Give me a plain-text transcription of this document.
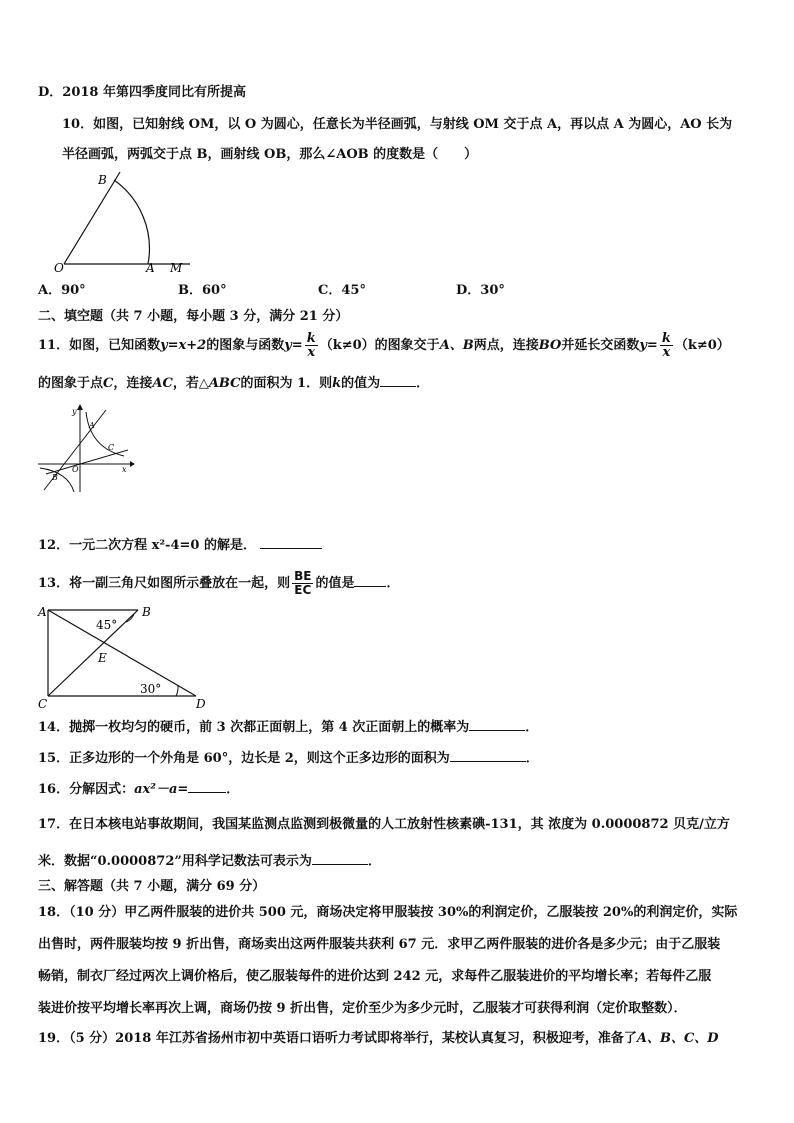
D．2018 年第四季度同比有所提高
10．如图，已知射线 OM，以 O 为圆心，任意长为半径画弧，与射线 OM 交于点 A，再以点 A 为圆心，AO 长为
半径画弧，两弧交于点 B，画射线 OB，那么∠AOB 的度数是（　　）
B
O	A M
A．90°	B．60°	C．45°	D．30°
二、填空题（共 7 小题，每小题 3 分，满分 21 分）
11．如图，已知函数y=x+2的图象与函数$y= \frac{k}{x} (k\ne 0)$的图象交于A、B两点，连接BO并延长交函数$y= \frac{k}{x} (k\ne 0)$
的图象于点C，连接AC，若△ABC的面积为 1．则k的值为	．
y
A
C
O
B
x
12．一元二次方程 x²-4=0 的解是．
13．将一副三角尺如图所示叠放在一起，则 $\frac{BE}{EC}$ 的值是 ．
A	B
E
C	D
45°
30°
14．抛掷一枚均匀的硬币，前 3 次都正面朝上，第 4 次正面朝上的概率为	．
15．正多边形的一个外角是 60°，边长是 2，则这个正多边形的面积为	．
16．分解因式：ax²－a=	．
17．在日本核电站事故期间，我国某监测点监测到极微量的人工放射性核素碘-131，其 浓度为 0.0000872 贝克/立方
米．数据“0.0000872”用科学记数法可表示为	．
三、解答题（共 7 小题，满分 69 分）
18．（10 分）甲乙两件服装的进价共 500 元，商场决定将甲服装按 30%的利润定价，乙服装按 20%的利润定价，实际
出售时，两件服装均按 9 折出售，商场卖出这两件服装共获利 67 元．求甲乙两件服装的进价各是多少元；由于乙服装
畅销，制衣厂经过两次上调价格后，使乙服装每件的进价达到 242 元，求每件乙服装进价的平均增长率；若每件乙服
装进价按平均增长率再次上调，商场仍按 9 折出售，定价至少为多少元时，乙服装才可获得利润（定价取整数）．
19．（5 分）2018 年江苏省扬州市初中英语口语听力考试即将举行，某校认真复习，积极迎考，准备了A、B、C、D
